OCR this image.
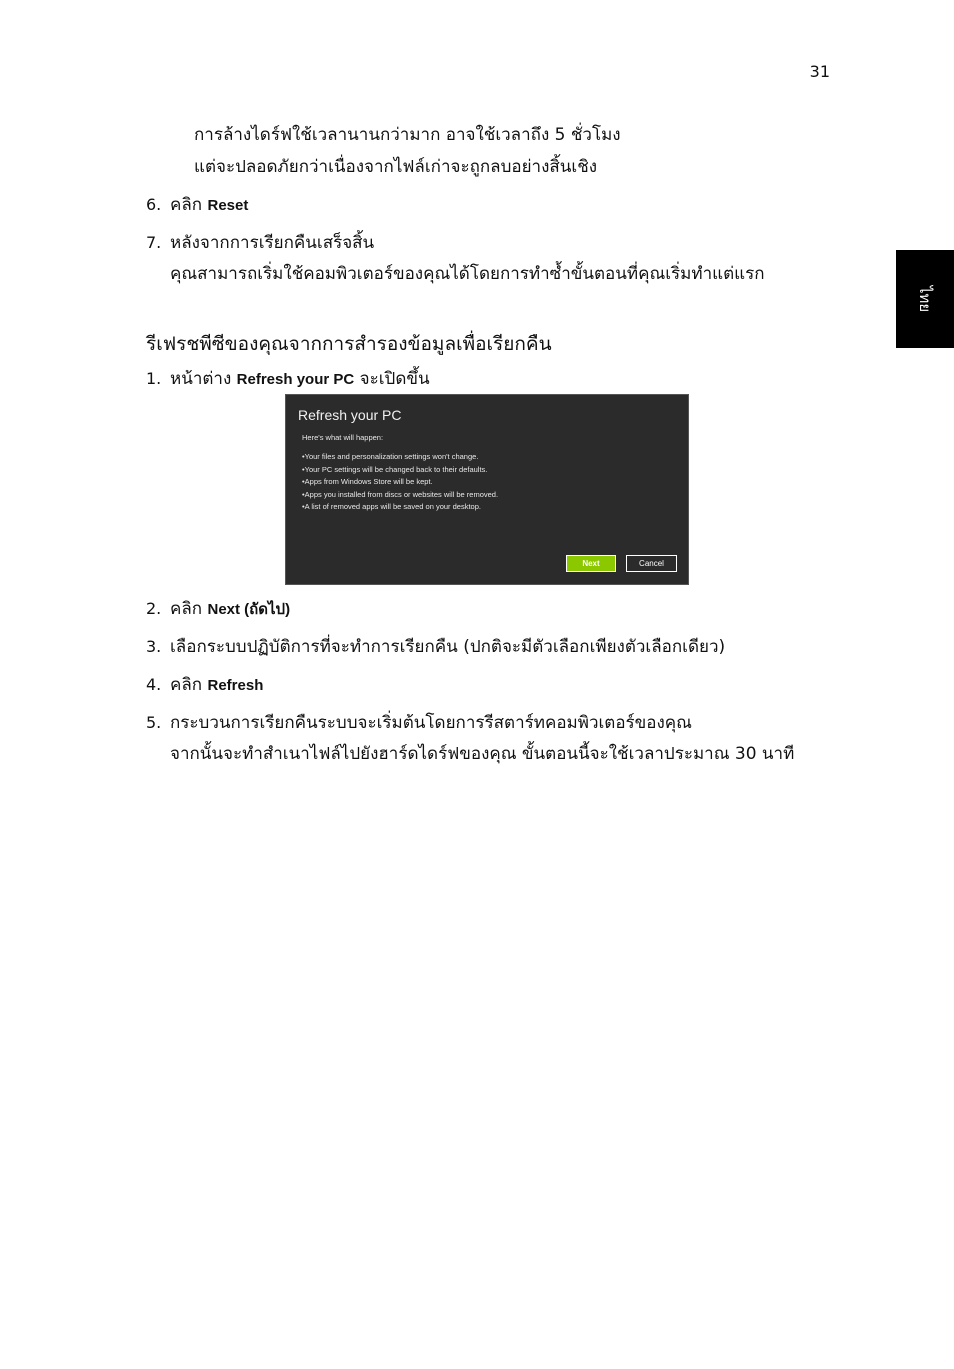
31
ไทย
การล้างไดร์ฟใช้เวลานานกว่ามาก อาจใช้เวลาถึง 5 ชั่วโมง
แต่จะปลอดภัยกว่าเนื่องจากไฟล์เก่าจะถูกลบอย่างสิ้นเชิง
6. คลิก Reset
7. หลังจากการเรียกคืนเสร็จสิ้น
คุณสามารถเริ่มใช้คอมพิวเตอร์ของคุณได้โดยการทำซ้ำขั้นตอนที่คุณเริ่มทำแต่แรก
รีเฟรชพีซีของคุณจากการสำรองข้อมูลเพื่อเรียกคืน
1. หน้าต่าง Refresh your PC จะเปิดขึ้น
Refresh your PC
Here's what will happen:
• Your files and personalization settings won't change.
• Your PC settings will be changed back to their defaults.
• Apps from Windows Store will be kept.
• Apps you installed from discs or websites will be removed.
• A list of removed apps will be saved on your desktop.
Next	Cancel
2. คลิก Next (ถัดไป)
3. เลือกระบบปฏิบัติการที่จะทำการเรียกคืน (ปกติจะมีตัวเลือกเพียงตัวเลือกเดียว)
4. คลิก Refresh
5. กระบวนการเรียกคืนระบบจะเริ่มต้นโดยการรีสตาร์ทคอมพิวเตอร์ของคุณ
จากนั้นจะทำสำเนาไฟล์ไปยังฮาร์ดไดร์ฟของคุณ ขั้นตอนนี้จะใช้เวลาประมาณ 30 นาที
